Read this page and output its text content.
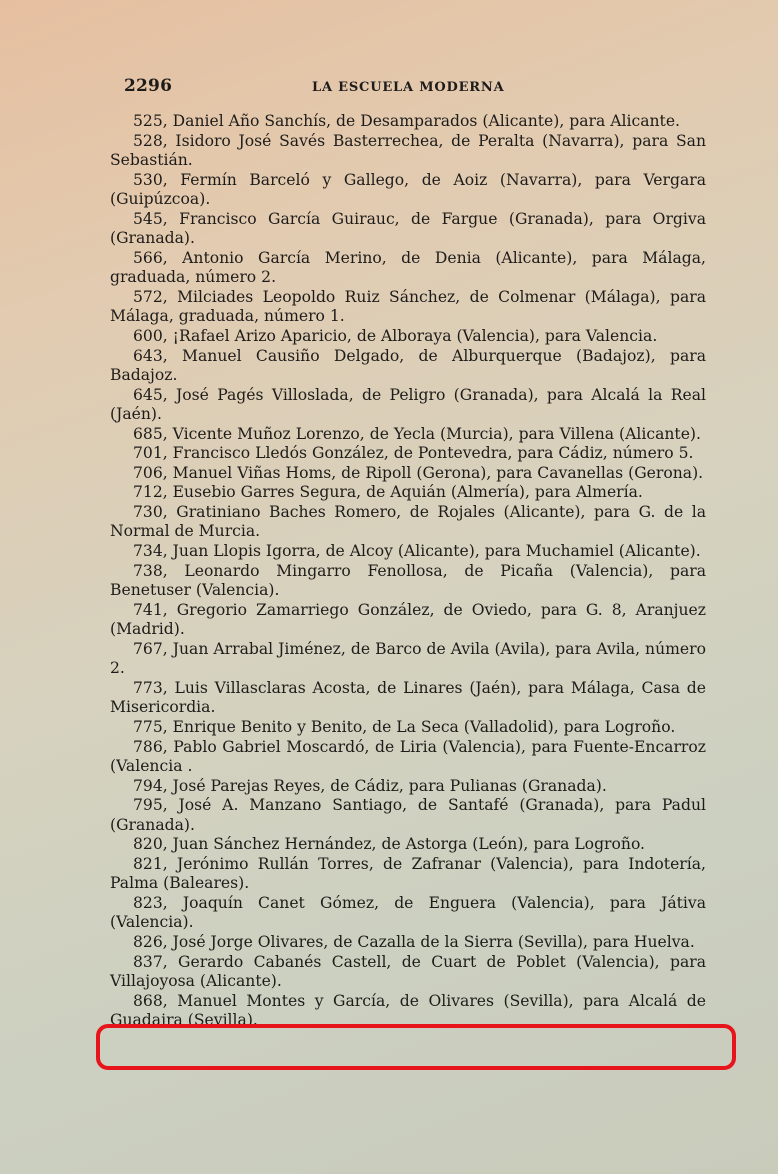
2296	LA ESCUELA MODERNA

525, Daniel Año Sanchís, de Desamparados (Alicante), para Alicante.

528, Isidoro José Savés Basterrechea, de Peralta (Navarra), para San Sebastián.

530, Fermín Barceló y Gallego, de Aoiz (Navarra), para Vergara (Guipúzcoa).

545, Francisco García Guirauc, de Fargue (Granada), para Orgiva (Granada).

566, Antonio García Merino, de Denia (Alicante), para Málaga, graduada, número 2.

572, Milciades Leopoldo Ruiz Sánchez, de Colmenar (Málaga), para Málaga, graduada, número 1.

600, ¡Rafael Arizo Aparicio, de Alboraya (Valencia), para Valencia.

643, Manuel Causiño Delgado, de Alburquerque (Badajoz), para Badajoz.

645, José Pagés Villoslada, de Peligro (Granada), para Alcalá la Real (Jaén).

685, Vicente Muñoz Lorenzo, de Yecla (Murcia), para Villena (Alicante).

701, Francisco Lledós González, de Pontevedra, para Cádiz, número 5.

706, Manuel Viñas Homs, de Ripoll (Gerona), para Cavanellas (Gerona).

712, Eusebio Garres Segura, de Aquián (Almería), para Almería.

730, Gratiniano Baches Romero, de Rojales (Alicante), para G. de la Normal de Murcia.

734, Juan Llopis Igorra, de Alcoy (Alicante), para Muchamiel (Alicante).

738, Leonardo Mingarro Fenollosa, de Picaña (Valencia), para Benetuser (Valencia).

741, Gregorio Zamarriego González, de Oviedo, para G. 8, Aranjuez (Madrid).

767, Juan Arrabal Jiménez, de Barco de Avila (Avila), para Avila, número 2.

773, Luis Villasclaras Acosta, de Linares (Jaén), para Málaga, Casa de Misericordia.

775, Enrique Benito y Benito, de La Seca (Valladolid), para Logroño.

786, Pablo Gabriel Moscardó, de Liria (Valencia), para Fuente-Encarroz (Valencia .

794, José Parejas Reyes, de Cádiz, para Pulianas (Granada).

795, José A. Manzano Santiago, de Santafé (Granada), para Padul (Granada).

820, Juan Sánchez Hernández, de Astorga (León), para Logroño.

821, Jerónimo Rullán Torres, de Zafranar (Valencia), para Indotería, Palma (Baleares).

823, Joaquín Canet Gómez, de Enguera (Valencia), para Játiva (Valencia).

826, José Jorge Olivares, de Cazalla de la Sierra (Sevilla), para Huelva.

837, Gerardo Cabanés Castell, de Cuart de Poblet (Valencia), para Villajoyosa (Alicante).

868, Manuel Montes y García, de Olivares (Sevilla), para Alcalá de Guadaira (Sevilla).
